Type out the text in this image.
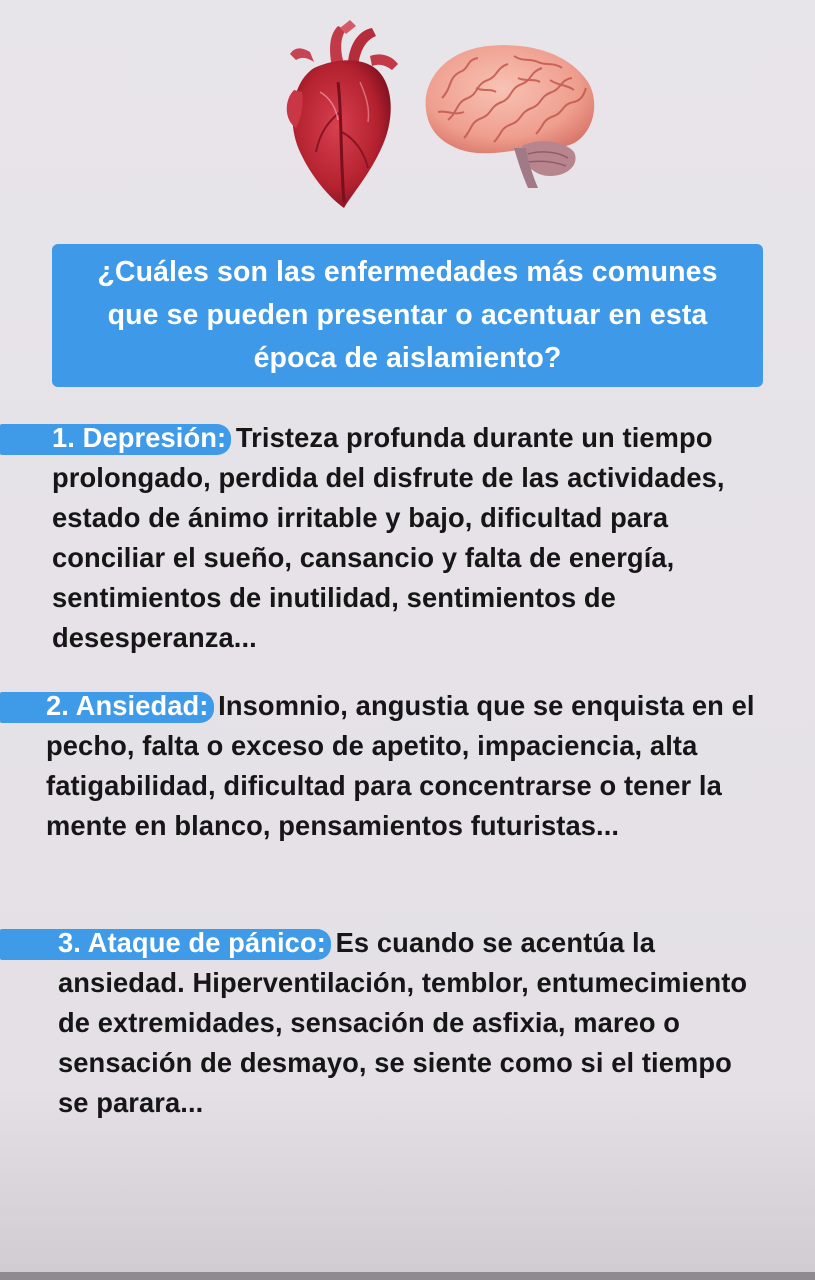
¿Cuáles son las enfermedades más comunes que se pueden presentar o acentuar en esta época de aislamiento?
1. Depresión: Tristeza profunda durante un tiempo prolongado, perdida del disfrute de las actividades, estado de ánimo irritable y bajo, dificultad para conciliar el sueño, cansancio y falta de energía, sentimientos de inutilidad, sentimientos de desesperanza...
2. Ansiedad: Insomnio, angustia que se enquista en el pecho, falta o exceso de apetito, impaciencia, alta fatigabilidad, dificultad para concentrarse o tener la mente en blanco, pensamientos futuristas...
3. Ataque de pánico: Es cuando se acentúa la ansiedad. Hiperventilación, temblor, entumecimiento de extremidades, sensación de asfixia, mareo o sensación de desmayo, se siente como si el tiempo se parara...
